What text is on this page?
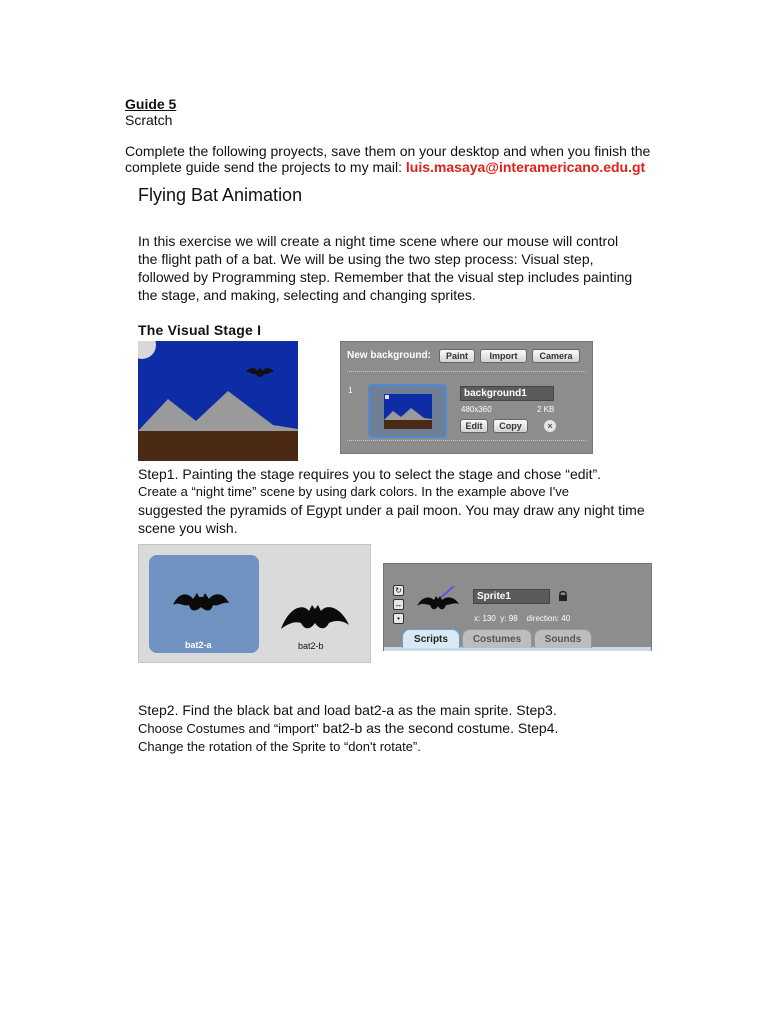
Guide 5
Scratch
Complete the following proyects, save them on your desktop and when you finish the complete guide send the projects to my mail: luis.masaya@interamericano.edu.gt
Flying Bat Animation
In this exercise we will create a night time scene where our mouse will control the flight path of a bat. We will be using the two step process: Visual step, followed by Programming step. Remember that the visual step includes painting the stage, and making, selecting and changing sprites.
The Visual Stage I
New background:	Paint	Import	Camera
1	background1
480x360	2 KB
Edit	Copy	×
Step1. Painting the stage requires you to select the stage and chose “edit”.
Create a “night time” scene by using dark colors. In the example above I've
suggested the pyramids of Egypt under a pail moon. You may draw any night time scene you wish.
bat2-a	bat2-b
↻
↔
•
Sprite1
x: 130 y: 98 direction: 40
Scripts	Costumes	Sounds
Step2. Find the black bat and load bat2-a as the main sprite. Step3.
Choose Costumes and “import” bat2-b as the second costume. Step4.
Change the rotation of the Sprite to “don't rotate”.
